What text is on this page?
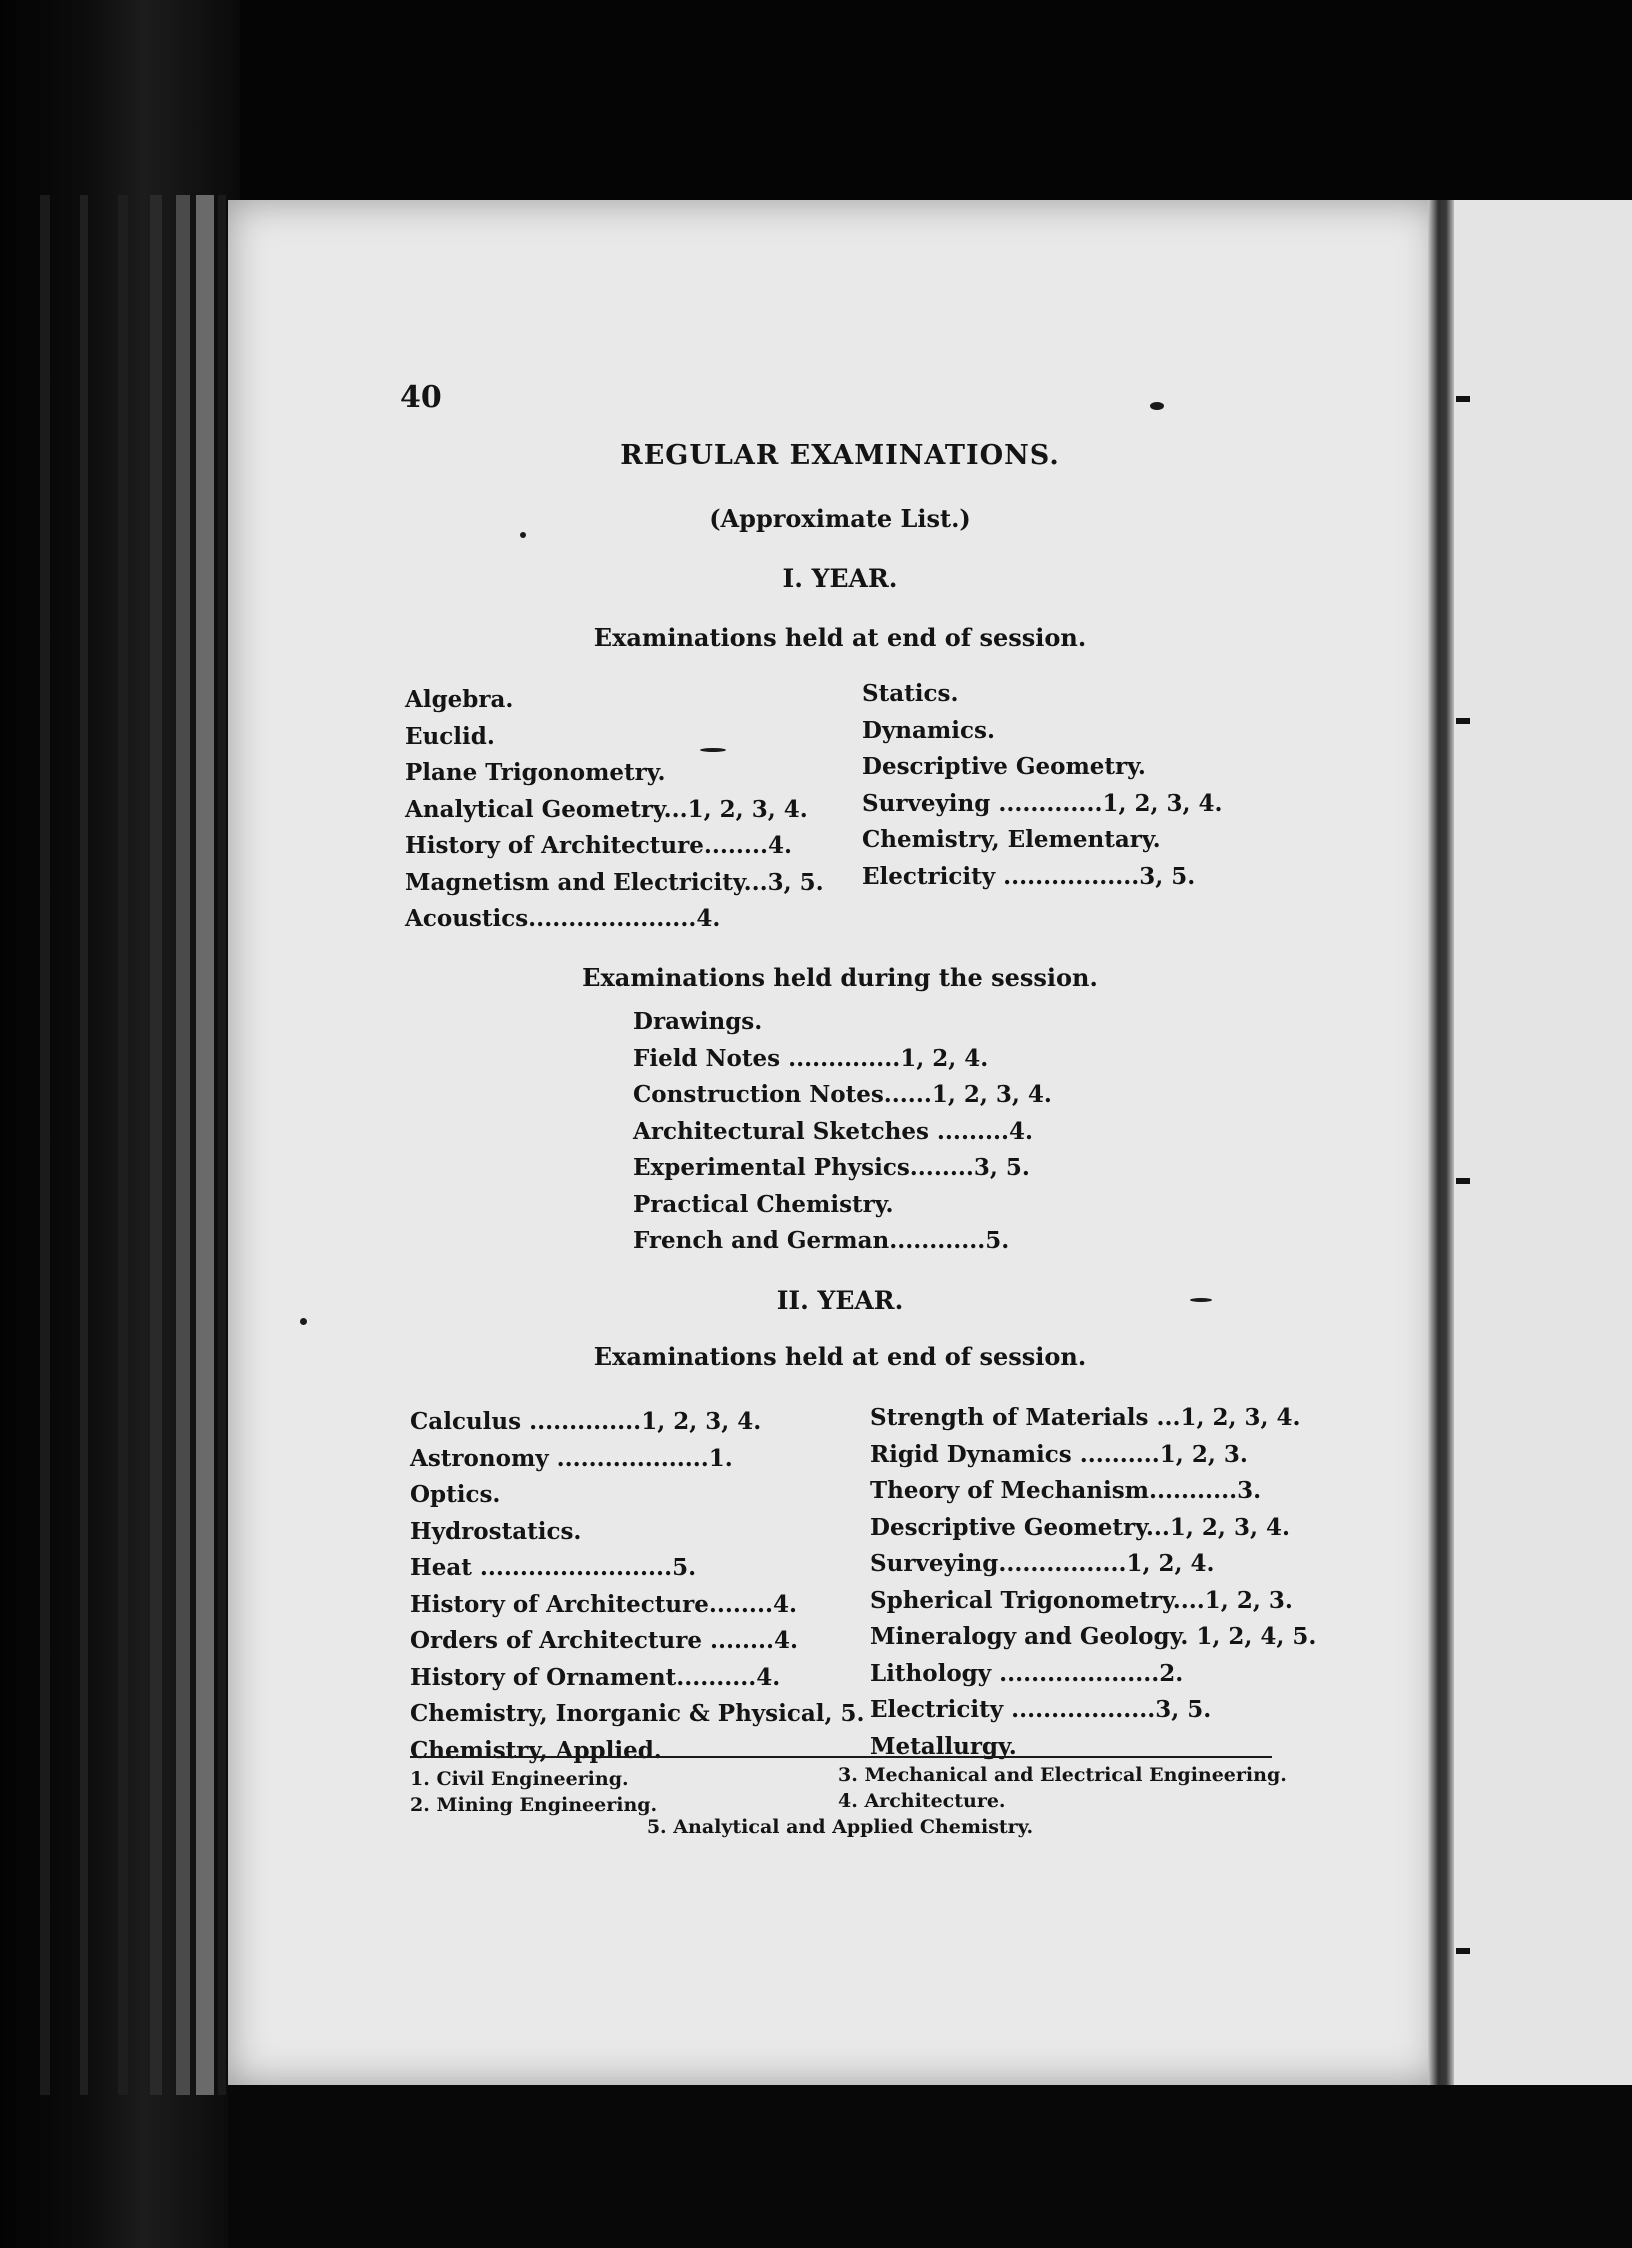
40
REGULAR EXAMINATIONS.
(Approximate List.)
I. YEAR.
Examinations held at end of session.
Algebra.
Euclid.
Plane Trigonometry.
Analytical Geometry...1, 2, 3, 4.
History of Architecture........4.
Magnetism and Electricity...3, 5.
Acoustics.....................4.
Statics.
Dynamics.
Descriptive Geometry.
Surveying .............1, 2, 3, 4.
Chemistry, Elementary.
Electricity .................3, 5.
Examinations held during the session.
Drawings.
Field Notes ..............1, 2, 4.
Construction Notes......1, 2, 3, 4.
Architectural Sketches .........4.
Experimental Physics........3, 5.
Practical Chemistry.
French and German............5.
II. YEAR.
Examinations held at end of session.
Calculus ..............1, 2, 3, 4.
Astronomy ...................1.
Optics.
Hydrostatics.
Heat ........................5.
History of Architecture........4.
Orders of Architecture ........4.
History of Ornament..........4.
Chemistry, Inorganic & Physical, 5.
Chemistry, Applied.
Strength of Materials ...1, 2, 3, 4.
Rigid Dynamics ..........1, 2, 3.
Theory of Mechanism...........3.
Descriptive Geometry...1, 2, 3, 4.
Surveying................1, 2, 4.
Spherical Trigonometry....1, 2, 3.
Mineralogy and Geology. 1, 2, 4, 5.
Lithology ....................2.
Electricity ..................3, 5.
Metallurgy.
1. Civil Engineering.
2. Mining Engineering.
3. Mechanical and Electrical Engineering.
4. Architecture.
5. Analytical and Applied Chemistry.
